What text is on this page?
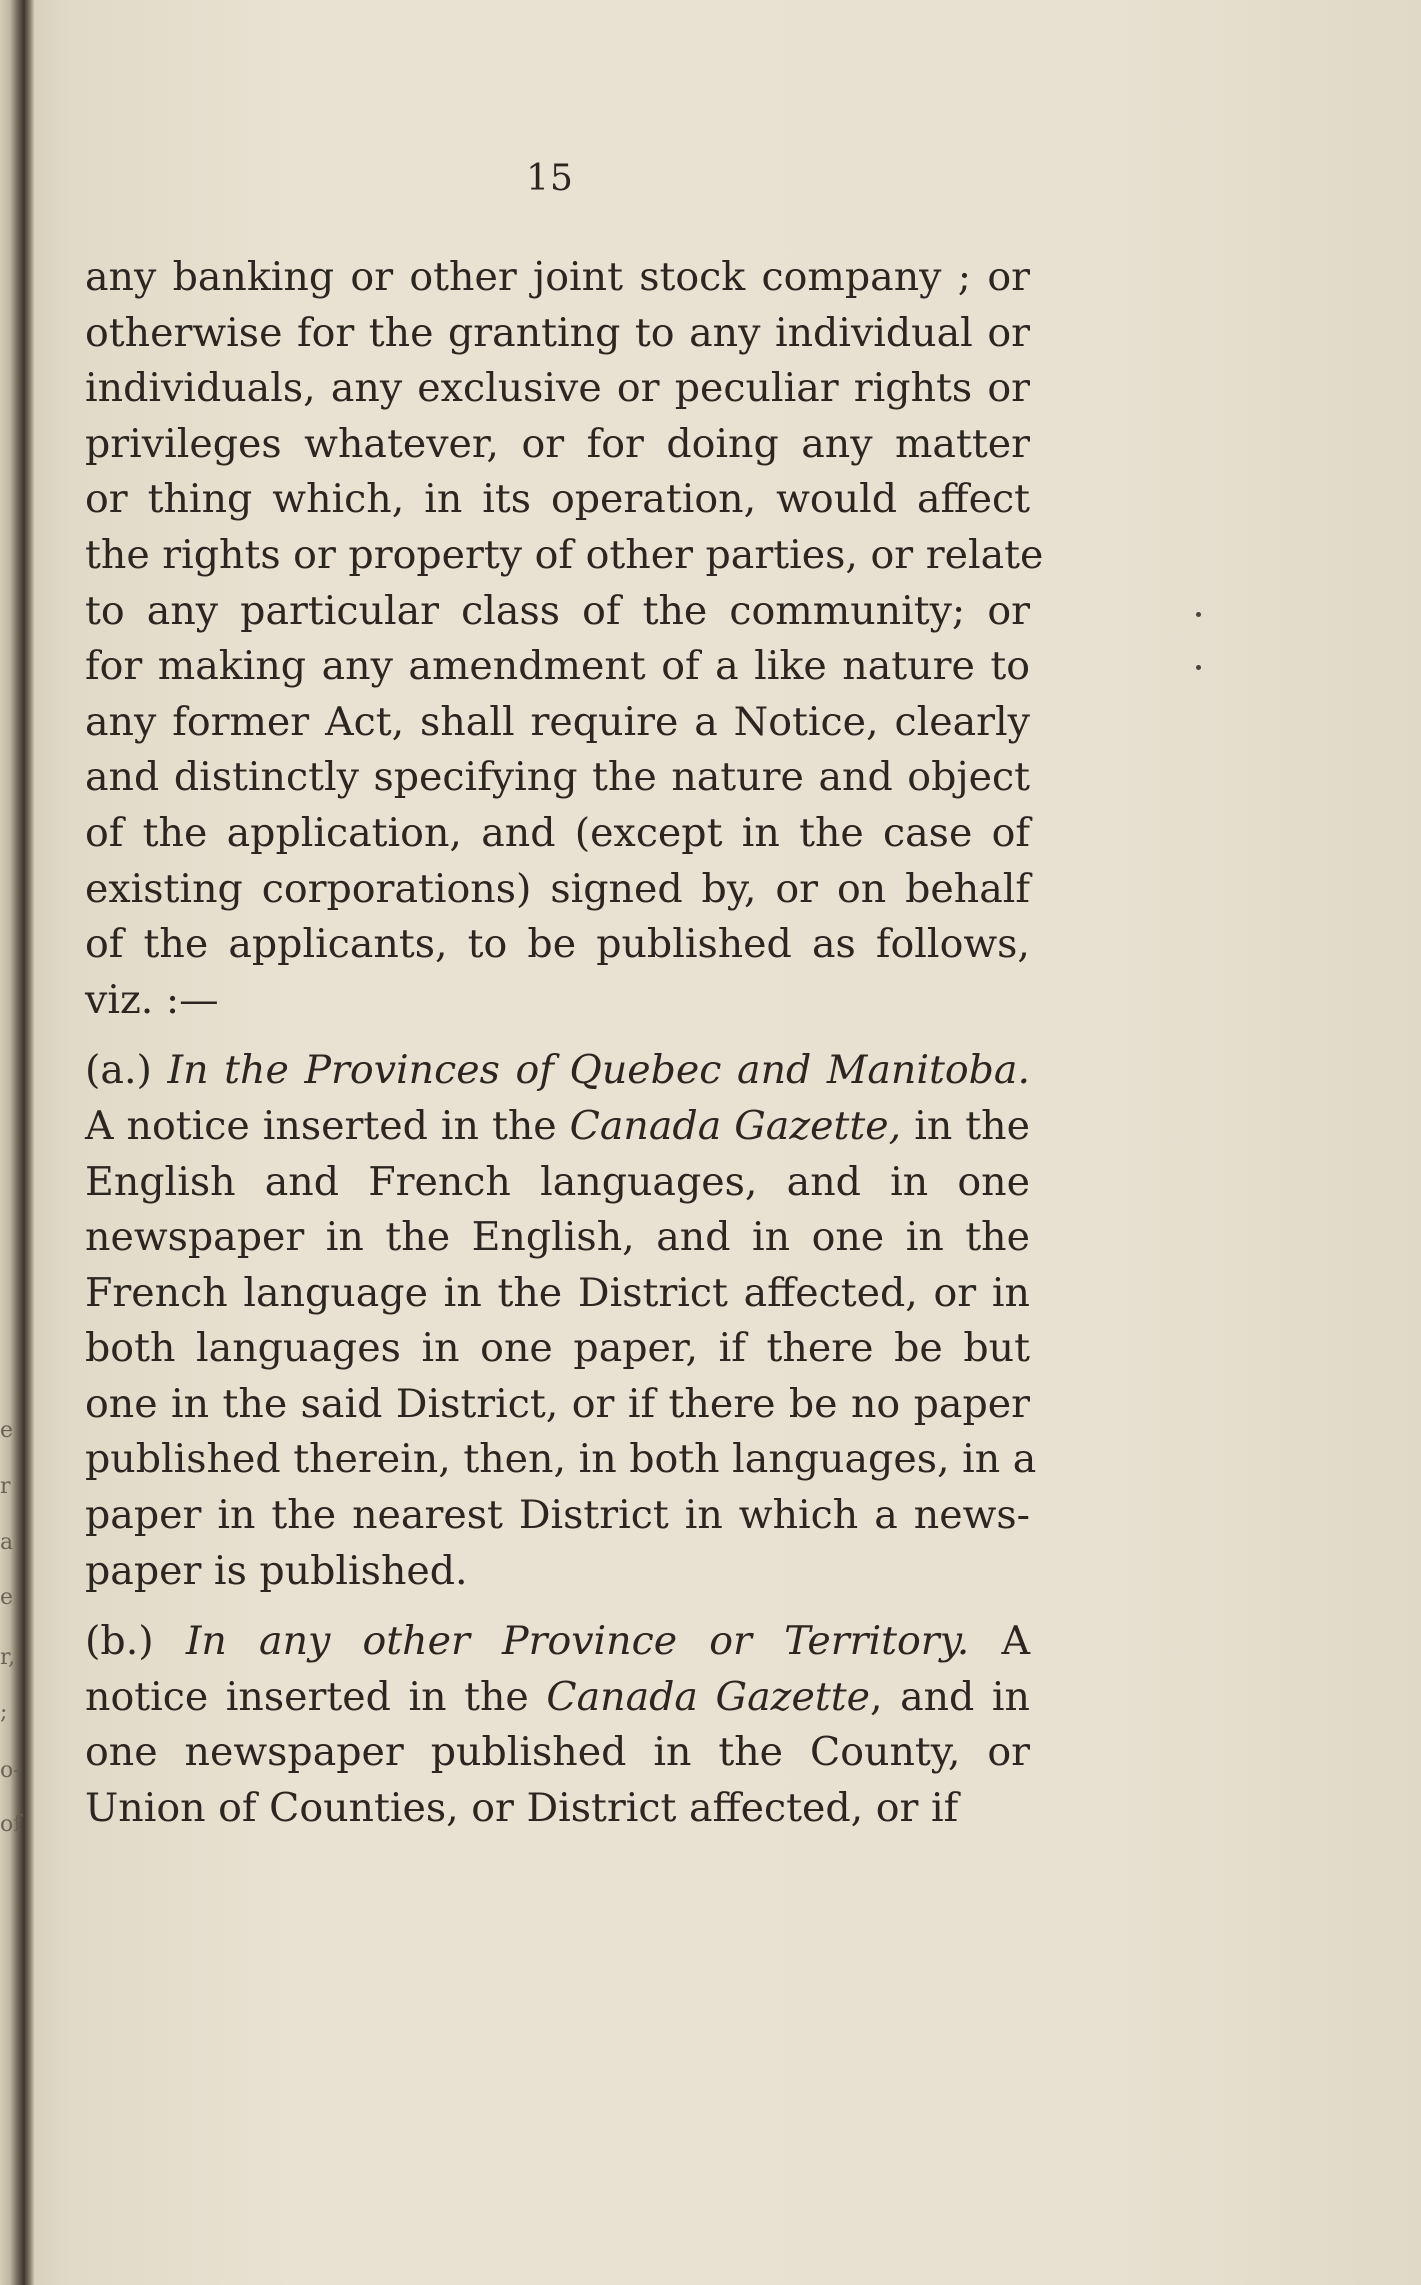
e
r
a
e
r,
;
o-
of
15
any banking or other joint stock company ; or
otherwise for the granting to any individual or
individuals, any exclusive or peculiar rights or
privileges whatever, or for doing any matter
or thing which, in its operation, would affect
the rights or property of other parties, or relate
to any particular class of the community; or
for making any amendment of a like nature to
any former Act, shall require a Notice, clearly
and distinctly specifying the nature and object
of the application, and (except in the case of
existing corporations) signed by, or on behalf
of the applicants, to be published as follows,
viz. :—
(a.) In the Provinces of Quebec and Manitoba.
A notice inserted in the Canada Gazette, in the
English and French languages, and in one
newspaper in the English, and in one in the
French language in the District affected, or in
both languages in one paper, if there be but
one in the said District, or if there be no paper
published therein, then, in both languages, in a
paper in the nearest District in which a news-
paper is published.
(b.) In any other Province or Territory. A
notice inserted in the Canada Gazette, and in
one newspaper published in the County, or
Union of Counties, or District affected, or if
